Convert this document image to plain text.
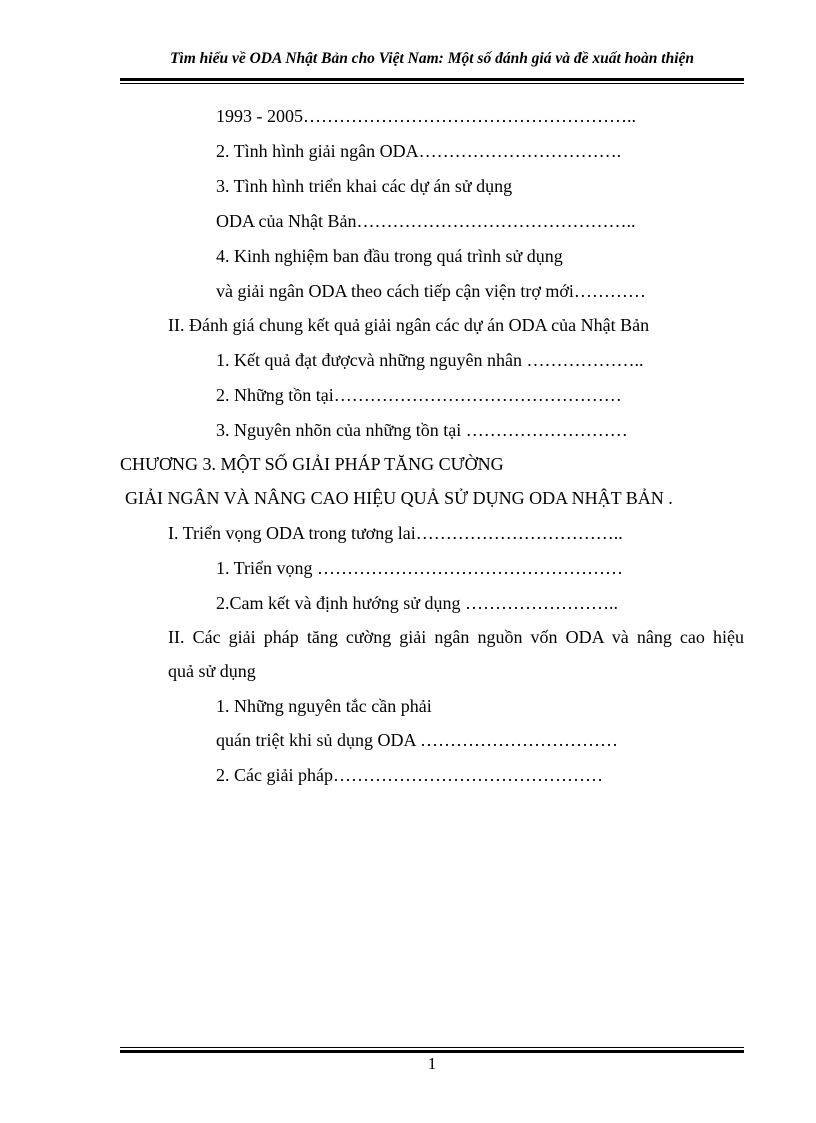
Tìm hiểu về ODA Nhật Bản cho Việt Nam: Một số đánh giá và đề xuất hoàn thiện
1993 - 2005………………………………………………..
2. Tình hình giải ngân ODA…………………………….
3. Tình hình triển khai các dự án sử dụng
ODA của Nhật Bản………………………………………..
4. Kinh nghiệm ban đầu trong quá trình sử dụng
và giải ngân ODA theo cách tiếp cận viện trợ mới…………
II. Đánh giá chung kết quả giải ngân các dự án ODA của Nhật Bản
1. Kết quả đạt đượcvà những nguyên nhân ………………..
2. Những tồn tại…………………………………………
3. Nguyên nhõn của những tồn tại ………………………
CHƯƠNG 3. MỘT SỐ GIẢI PHÁP TĂNG CƯỜNG
GIẢI NGÂN VÀ NÂNG CAO HIỆU QUẢ SỬ DỤNG ODA NHẬT BẢN .
I. Triển vọng ODA trong tương lai……………………………..
1. Triển vọng ……………………………………………
2.Cam kết và định hướng sử dụng ……………………..
II. Các giải pháp tăng cường giải ngân nguồn vốn ODA và nâng cao hiệu
quả sử dụng
1. Những nguyên tắc cần phải
quán triệt khi sủ dụng ODA ……………………………
2. Các giải pháp………………………………………
1
